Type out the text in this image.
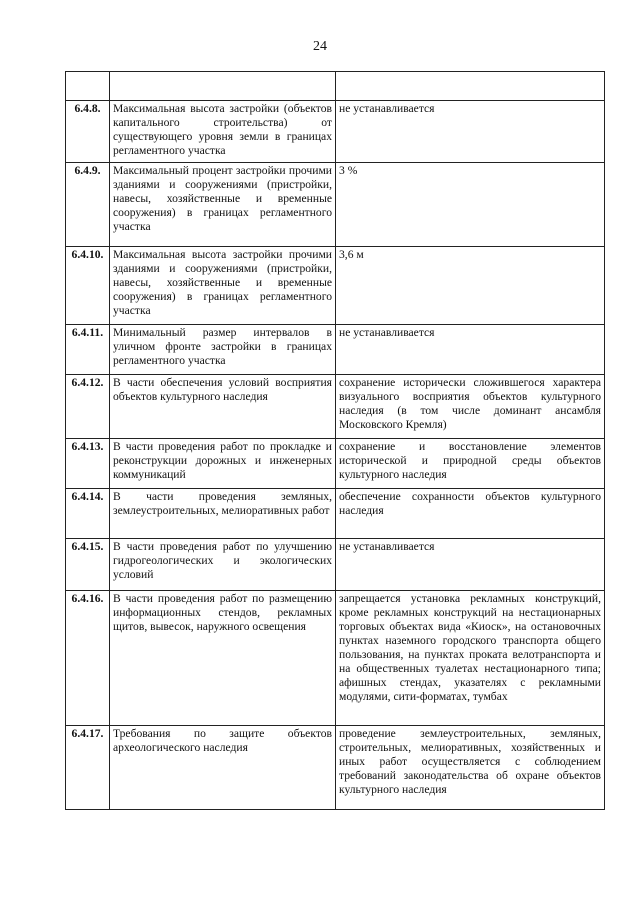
24

6.4.8.	Максимальная высота застройки (объектов капитального строительства) от существующего уровня земли в границах регламентного участка	не устанавливается
6.4.9.	Максимальный процент застройки прочими зданиями и сооружениями (пристройки, навесы, хозяйственные и временные сооружения) в границах регламентного участка	3 %
6.4.10.	Максимальная высота застройки прочими зданиями и сооружениями (пристройки, навесы, хозяйственные и временные сооружения) в границах регламентного участка	3,6 м
6.4.11.	Минимальный размер интервалов в уличном фронте застройки в границах регламентного участка	не устанавливается
6.4.12.	В части обеспечения условий восприятия объектов культурного наследия	сохранение исторически сложившегося характера визуального восприятия объектов культурного наследия (в том числе доминант ансамбля Московского Кремля)
6.4.13.	В части проведения работ по прокладке и реконструкции дорожных и инженерных коммуникаций	сохранение и восстановление элементов исторической и природной среды объектов культурного наследия
6.4.14.	В части проведения земляных, землеустроительных, мелиоративных работ	обеспечение сохранности объектов культурного наследия
6.4.15.	В части проведения работ по улучшению гидрогеологических и экологических условий	не устанавливается
6.4.16.	В части проведения работ по размещению информационных стендов, рекламных щитов, вывесок, наружного освещения	запрещается установка рекламных конструкций, кроме рекламных конструкций на нестационарных торговых объектах вида «Киоск», на остановочных пунктах наземного городского транспорта общего пользования, на пунктах проката велотранспорта и на общественных туалетах нестационарного типа; афишных стендах, указателях с рекламными модулями, сити-форматах, тумбах
6.4.17.	Требования по защите объектов археологического наследия	проведение землеустроительных, земляных, строительных, мелиоративных, хозяйственных и иных работ осуществляется с соблюдением требований законодательства об охране объектов культурного наследия
